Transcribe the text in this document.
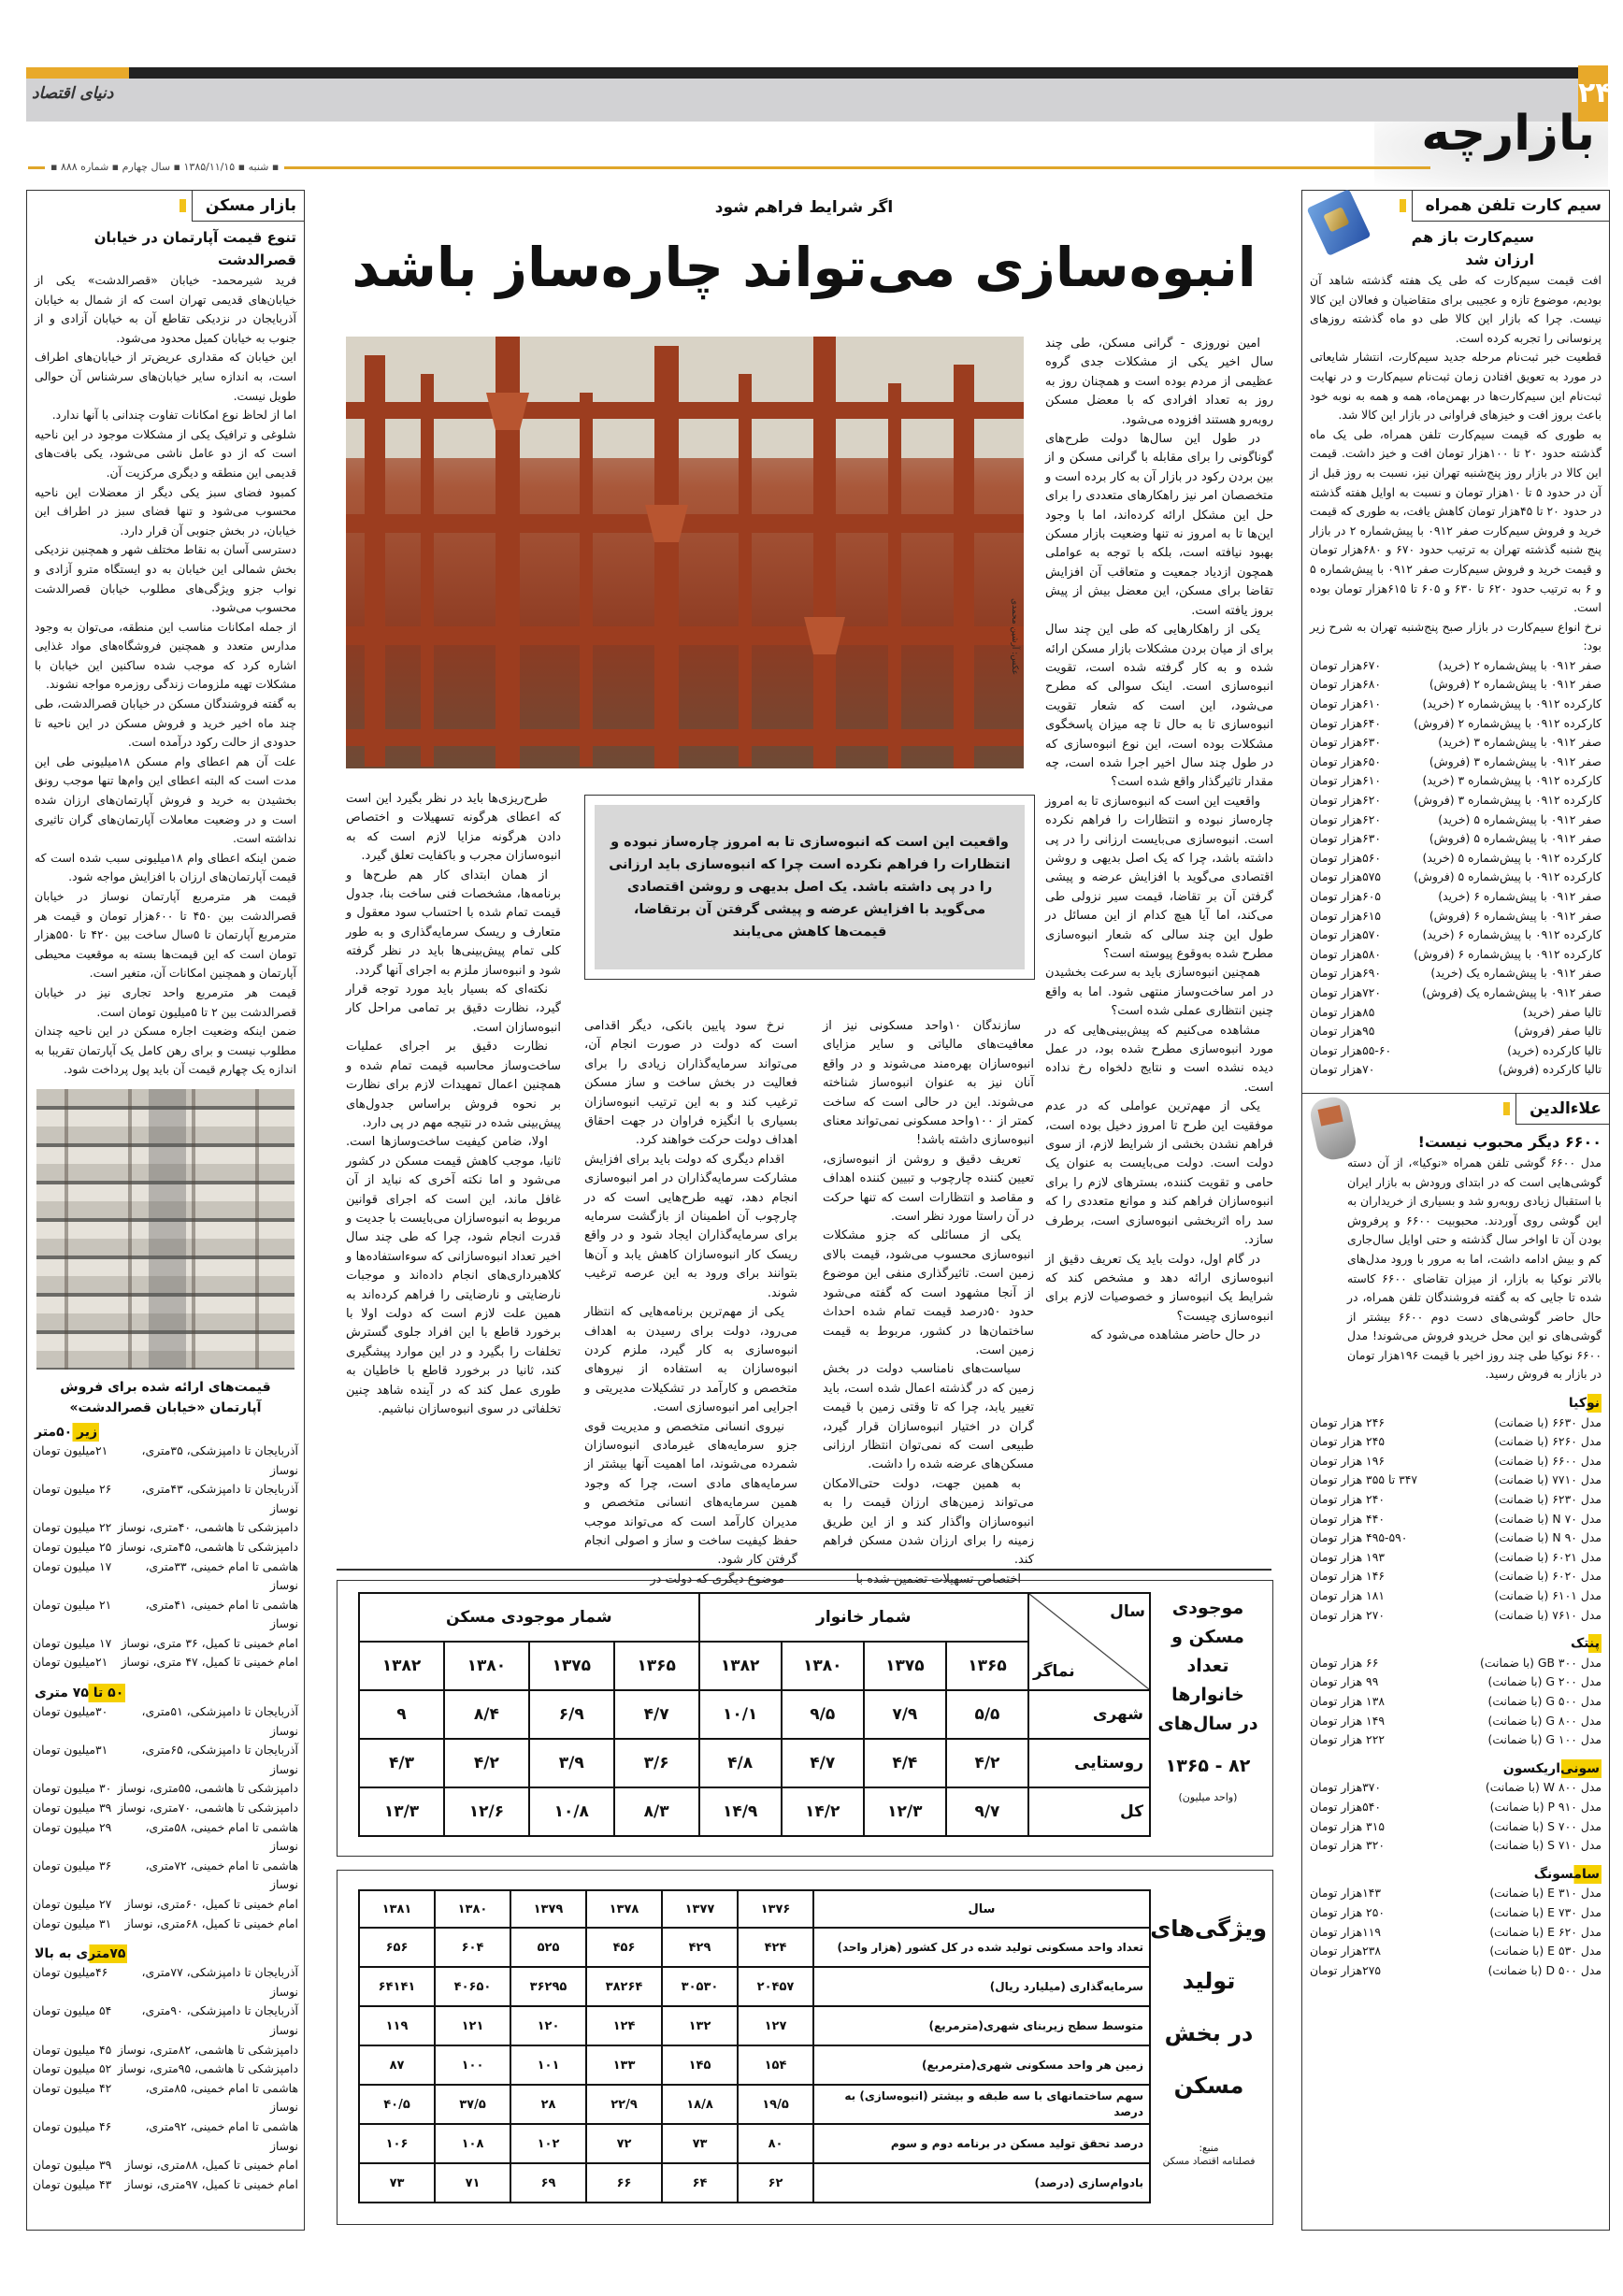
۲۴
دنیای اقتصاد
بازارچه
▪ شنبه ▪ ۱۳۸۵/۱۱/۱۵ ▪ سال چهارم ▪ شماره ۸۸۸ ▪
سیم کارت تلفن همراه
سیم‌کارت باز هم ارزان شد

افت قیمت سیم‌کارت که طی یک هفته گذشته شاهد آن بودیم، موضوع تازه و عجیبی برای متقاضیان و فعالان این کالا نیست. چرا که بازار این کالا طی دو ماه گذشته روزهای پرنوسانی را تجربه کرده است.

قطعیت خبر ثبت‌نام مرحله جدید سیم‌کارت، انتشار شایعاتی در مورد به تعویق افتادن زمان ثبت‌نام سیم‌کارت و در نهایت ثبت‌نام این سیم‌کارت‌ها در بهمن‌ماه، همه و همه به نوبه خود باعث بروز افت و خیزهای فراوانی در بازار این کالا شد.

به طوری که قیمت سیم‌کارت تلفن همراه، طی یک ماه گذشته حدود ۲۰ تا ۱۰۰هزار تومان افت و خیز داشت. قیمت این کالا در بازار روز پنج‌شنبه تهران نیز، نسبت به روز قبل از آن در حدود ۵ تا ۱۰هزار تومان و نسبت به اوایل هفته گذشته در حدود ۲۰ تا ۴۵هزار تومان کاهش یافت، به طوری که قیمت خرید و فروش سیم‌کارت صفر ۰۹۱۲ با پیش‌شماره ۲ در بازار پنج شنبه گذشته تهران به ترتیب حدود ۶۷۰ و ۶۸۰هزار تومان و قیمت خرید و فروش سیم‌کارت صفر ۰۹۱۲ با پیش‌شماره ۵ و ۶ به ترتیب حدود ۶۲۰ تا ۶۳۰ و ۶۰۵ تا ۶۱۵هزار تومان بوده است.

نرخ انواع سیم‌کارت در بازار صبح پنج‌شنبه تهران به شرح زیر بود:

صفر ۰۹۱۲ با پیش‌شماره ۲ (خرید)
۶۷۰هزار تومان
صفر ۰۹۱۲ با پیش‌شماره ۲ (فروش)
۶۸۰هزار تومان
کارکرده ۰۹۱۲ با پیش‌شماره ۲ (خرید)
۶۱۰هزار تومان
کارکرده ۰۹۱۲ با پیش‌شماره ۲ (فروش)
۶۴۰هزار تومان
صفر ۰۹۱۲ با پیش‌شماره ۳ (خرید)
۶۳۰هزار تومان
صفر ۰۹۱۲ با پیش‌شماره ۳ (فروش)
۶۵۰هزار تومان
کارکرده ۰۹۱۲ با پیش‌شماره ۳ (خرید)
۶۱۰هزار تومان
کارکرده ۰۹۱۲ با پیش‌شماره ۳ (فروش)
۶۲۰هزار تومان
صفر ۰۹۱۲ با پیش‌شماره ۵ (خرید)
۶۲۰هزار تومان
صفر ۰۹۱۲ با پیش‌شماره ۵ (فروش)
۶۳۰هزار تومان
کارکرده ۰۹۱۲ با پیش‌شماره ۵ (خرید)
۵۶۰هزار تومان
کارکرده ۰۹۱۲ با پیش‌شماره ۵ (فروش)
۵۷۵هزار تومان
صفر ۰۹۱۲ با پیش‌شماره ۶ (خرید)
۶۰۵هزار تومان
صفر ۰۹۱۲ با پیش‌شماره ۶ (فروش)
۶۱۵هزار تومان
کارکرده ۰۹۱۲ با پیش‌شماره ۶ (خرید)
۵۷۰هزار تومان
کارکرده ۰۹۱۲ با پیش‌شماره ۶ (فروش)
۵۸۰هزار تومان
صفر ۰۹۱۲ با پیش‌شماره یک (خرید)
۶۹۰هزار تومان
صفر ۰۹۱۲ با پیش‌شماره یک (فروش)
۷۲۰هزار تومان
تالیا صفر (خرید)
۸۵هزار تومان
تالیا صفر (فروش)
۹۵هزار تومان
تالیا کارکرده (خرید)
۵۵-۶۰هزار تومان
تالیا کارکرده (فروش)
۷۰هزار تومان
علاءالدین
۶۶۰۰ دیگر محبوب نیست!

مدل ۶۶۰۰ گوشی تلفن همراه «نوکیا»، از آن دسته گوشی‌هایی است که در ابتدای ورودش به بازار ایران با استقبال زیادی روبه‌رو شد و بسیاری از خریداران به این گوشی روی آوردند. محبوبیت ۶۶۰۰ و پرفروش بودن آن تا اواخر سال گذشته و حتی اوایل سال‌جاری کم و بیش ادامه داشت، اما به مرور با ورود مدل‌های بالاتر نوکیا به بازار، از میزان تقاضای ۶۶۰۰ کاسته شده تا جایی که به گفته فروشندگان تلفن همراه، در حال حاضر گوشی‌های دست دوم ۶۶۰۰ بیشتر از گوشی‌های نو این محل خریدو فروش می‌شوند! مدل ۶۶۰۰ نوکیا طی چند روز اخیر با قیمت ۱۹۶هزار تومان در بازار به فروش رسید.

نوکیا
مدل ۶۶۳۰ (با ضمانت)
۲۴۶ هزار تومان
مدل ۶۲۶۰ (با ضمانت)
۲۴۵ هزار تومان
مدل ۶۶۰۰ (با ضمانت)
۱۹۶ هزار تومان
مدل ۷۷۱۰ (با ضمانت)
۳۴۷ تا ۳۵۵ هزار تومان
مدل ۶۲۳۰ (با ضمانت)
۲۴۰ هزار تومان
مدل N ۷۰ (با ضمانت)
۴۴۰ هزار تومان
مدل N ۹۰ (با ضمانت)
۴۹۵-۵۹۰ هزار تومان
مدل ۶۰۲۱ (با ضمانت)
۱۹۳ هزار تومان
مدل ۶۰۲۰ (با ضمانت)
۱۴۶ هزار تومان
مدل ۶۱۰۱ (با ضمانت)
۱۸۱ هزار تومان
مدل ۷۶۱۰ (با ضمانت)
۲۷۰ هزار تومان
پنتک
مدل GB ۳۰۰ (با ضمانت)
۶۶ هزار تومان
مدل G ۲۰۰ (با ضمانت)
۹۹ هزار تومان
مدل G ۵۰۰ (با ضمانت)
۱۳۸ هزار تومان
مدل G ۸۰۰ (با ضمانت)
۱۴۹ هزار تومان
مدل G ۱۰۰ (با ضمانت)
۲۲۲ هزار تومان
سونی‌اریکسون
مدل W ۸۰۰ (با ضمانت)
۳۷۰هزار تومان
مدل P ۹۱۰ (با ضمانت)
۵۴۰هزار تومان
مدل S ۷۰۰ (با ضمانت)
۳۱۵ هزار تومان
مدل S ۷۱۰ (با ضمانت)
۳۲۰ هزار تومان
سامسونگ
مدل E ۳۱۰ (با ضمانت)
۱۴۳هزار تومان
مدل E ۷۳۰ (با ضمانت)
۲۵۰ هزار تومان
مدل E ۶۲۰ (با ضمانت)
۱۱۹هزار تومان
مدل E ۵۳۰ (با ضمانت)
۲۳۸هزار تومان
مدل D ۵۰۰ (با ضمانت)
۲۷۵هزار تومان
بازار مسکن
تنوع قیمت آپارتمان در خیابان قصرالدشت

فرید شیرمحمد- خیابان «قصرالدشت» یکی از خیابان‌های قدیمی تهران است که از شمال به خیابان آذربایجان در نزدیکی تقاطع آن به خیابان آزادی و از جنوب به خیابان کمیل محدود می‌شود.

این خیابان که مقداری عریض‌تر از خیابان‌های اطراف است، به اندازه سایر خیابان‌های سرشناس آن حوالی طویل نیست.

اما از لحاظ نوع امکانات تفاوت چندانی با آنها ندارد.

شلوغی و ترافیک یکی از مشکلات موجود در این ناحیه است که از دو عامل ناشی می‌شود، یکی بافت‌های قدیمی این منطقه و دیگری مرکزیت آن.

کمبود فضای سبز یکی دیگر از معضلات این ناحیه محسوب می‌شود و تنها فضای سبز در اطراف این خیابان، در بخش جنوبی آن قرار دارد.

دسترسی آسان به نقاط مختلف شهر و همچنین نزدیکی بخش شمالی این خیابان به دو ایستگاه مترو آزادی و نواب جزو ویژگی‌های مطلوب خیابان قصرالدشت محسوب می‌شود.

از جمله امکانات مناسب این منطقه، می‌توان به وجود مدارس متعدد و همچنین فروشگاه‌های مواد غذایی اشاره کرد که موجب شده ساکنین این خیابان با مشکلات تهیه ملزومات زندگی روزمره مواجه نشوند.

به گفته فروشندگان مسکن در خیابان قصرالدشت، طی چند ماه اخیر خرید و فروش مسکن در این ناحیه تا حدودی از حالت رکود درآمده است.

علت آن هم اعطای وام مسکن ۱۸میلیونی طی این مدت است که البته اعطای این وام‌ها تنها موجب رونق بخشیدن به خرید و فروش آپارتمان‌های ارزان شده است و در وضعیت معاملات آپارتمان‌های گران تاثیری نداشته است.

ضمن اینکه اعطای وام ۱۸میلیونی سبب شده است که قیمت آپارتمان‌های ارزان با افزایش مواجه شود.

قیمت هر مترمربع آپارتمان نوساز در خیابان قصرالدشت بین ۴۵۰ تا ۶۰۰هزار تومان و قیمت هر مترمربع آپارتمان تا ۵سال ساخت بین ۴۲۰ تا ۵۵۰هزار تومان است که این قیمت‌ها بسته به موقعیت محیطی آپارتمان و همچنین امکانات آن، متغیر است.

قیمت هر مترمربع واحد تجاری نیز در خیابان قصرالدشت بین ۲ تا ۵میلیون تومان است.

ضمن اینکه وضعیت اجاره مسکن در این ناحیه چندان مطلوب نیست و برای رهن کامل یک آپارتمان تقریبا به اندازه یک چهارم قیمت آن باید پول پرداخت شود.

قیمت‌های ارائه شده برای فروش آپارتمان «خیابان قصرالدشت»
زیر ۵۰متر
آذربایجان تا دامپزشکی، ۳۵متری، نوساز
۲۱میلیون تومان
آذربایجان تا دامپزشکی، ۴۳متری، نوساز
۲۶ میلیون تومان
دامپزشکی تا هاشمی، ۴۰متری، نوساز
۲۲ میلیون تومان
دامپزشکی تا هاشمی، ۴۵متری، نوساز
۲۵ میلیون تومان
هاشمی تا امام خمینی، ۳۳متری، نوساز
۱۷ میلیون تومان
هاشمی تا امام خمینی، ۴۱متری، نوساز
۲۱ میلیون تومان
امام خمینی تا کمیل، ۳۶ متری، نوساز
۱۷ میلیون تومان
امام خمینی تا کمیل، ۴۷ متری، نوساز
۲۱میلیون تومان
۵۰ تا ۷۵ متری
آذربایجان تا دامپزشکی، ۵۱متری، نوساز
۳۰میلیون تومان
آذربایجان تا دامپزشکی، ۶۵متری، نوساز
۳۱میلیون تومان
دامپزشکی تا هاشمی، ۵۵متری، نوساز
۳۰ میلیون تومان
دامپزشکی تا هاشمی، ۷۰متری، نوساز
۳۹ میلیون تومان
هاشمی تا امام خمینی، ۵۸متری، نوساز
۲۹ میلیون تومان
هاشمی تا امام خمینی، ۷۲متری، نوساز
۳۶ میلیون تومان
امام خمینی تا کمیل، ۶۰متری، نوساز
۲۷ میلیون تومان
امام خمینی تا کمیل، ۶۸متری، نوساز
۳۱ میلیون تومان
۷۵متری به بالا
آذربایجان تا دامپزشکی، ۷۷متری، نوساز
۴۶میلیون تومان
آذربایجان تا دامپزشکی، ۹۰متری، نوساز
۵۴ میلیون تومان
دامپزشکی تا هاشمی، ۸۲متری، نوساز
۴۵ میلیون تومان
دامپزشکی تا هاشمی، ۹۵متری، نوساز
۵۲ میلیون تومان
هاشمی تا امام خمینی، ۸۵متری، نوساز
۴۲ میلیون تومان
هاشمی تا امام خمینی، ۹۲متری، نوساز
۴۶ میلیون تومان
امام خمینی تا کمیل، ۸۸متری، نوساز
۳۹ میلیون تومان
امام خمینی تا کمیل، ۹۷متری، نوساز
۴۳ میلیون تومان
اگر شرایط فراهم شود
انبوه‌سازی می‌تواند چاره‌ساز باشد
عکس: آرشین محمدی
واقعیت این است که انبوه‌سازی تا به امروز چاره‌ساز نبوده و انتظارات را فراهم نکرده است چرا که انبوه‌سازی باید ارزانی را در پی داشته باشد. یک اصل بدیهی و روشن اقتصادی می‌گوید با افزایش عرضه و پیشی گرفتن آن برتقاضا، قیمت‌ها کاهش می‌یابند

امین نوروزی - گرانی مسکن، طی چند سال اخیر یکی از مشکلات جدی گروه عظیمی از مردم بوده است و همچنان روز به روز به تعداد افرادی که با معضل مسکن روبه‌رو هستند افزوده می‌شود.

در طول این سال‌ها دولت طرح‌های گوناگونی را برای مقابله با گرانی مسکن و از بین بردن رکود در بازار آن به کار برده است و متخصصان امر نیز راهکارهای متعددی را برای حل این مشکل ارائه کرده‌اند، اما با وجود این‌ها تا به امروز نه تنها وضعیت بازار مسکن بهبود نیافته است، بلکه با توجه به عواملی همچون ازدیاد جمعیت و متعاقب آن افزایش تقاضا برای مسکن، این معضل بیش از پیش بروز یافته است.

یکی از راهکارهایی که طی این چند سال برای از میان بردن مشکلات بازار مسکن ارائه شده و به کار گرفته شده است، تقویت انبوه‌سازی است. اینک سوالی که مطرح می‌شود، این است که شعار تقویت انبوه‌سازی تا به حال تا چه میزان پاسخگوی مشکلات بوده است، این نوع انبوه‌سازی که در طول چند سال اخیر اجرا شده است، چه مقدار تاثیرگذار واقع شده است؟

واقعیت این است که انبوه‌سازی تا به امروز چاره‌ساز نبوده و انتظارات را فراهم نکرده است. انبوه‌سازی می‌بایست ارزانی را در پی داشته باشد، چرا که یک اصل بدیهی و روشن اقتصادی می‌گوید با افزایش عرضه و پیشی گرفتن آن بر تقاضا، قیمت سیر نزولی طی می‌کند، اما آیا هیچ کدام از این مسائل در طول این چند سالی که شعار انبوه‌سازی مطرح شده به‌وقوع پیوسته است؟

همچنین انبوه‌سازی باید به سرعت بخشیدن در امر ساخت‌وساز منتهی شود. اما به واقع چنین انتظاری عملی شده است؟

مشاهده می‌کنیم که پیش‌بینی‌هایی که در مورد انبوه‌سازی مطرح شده بود، در عمل دیده نشده است و نتایج دلخواه رخ نداده است.

یکی از مهم‌ترین عواملی که در عدم موفقیت این طرح تا امروز دخیل بوده است، فراهم نشدن بخشی از شرایط لازم، از سوی دولت است. دولت می‌بایست به عنوان یک حامی و تقویت کننده، بسترهای لازم را برای انبوه‌سازان فراهم کند و موانع متعددی را که سد راه اثربخشی انبوه‌سازی است، برطرف سازد.

در گام اول، دولت باید یک تعریف دقیق از انبوه‌سازی ارائه دهد و مشخص کند که شرایط یک انبوه‌ساز و خصوصیات لازم برای انبوه‌سازی چیست؟

در حال حاضر مشاهده می‌شود که

سازندگان ۱۰واحد مسکونی نیز از معافیت‌های مالیاتی و سایر مزایای انبوه‌سازان بهره‌مند می‌شوند و در واقع آنان نیز به عنوان انبوه‌ساز شناخته می‌شوند. این در حالی است که ساخت کمتر از ۱۰۰واحد مسکونی نمی‌تواند معنای انبوه‌سازی داشته باشد!

تعریف دقیق و روشن از انبوه‌سازی، تعیین کننده چارچوب و تبیین کننده اهداف و مقاصد و انتظارات است که تنها حرکت در آن راستا مورد نظر است.

یکی از مسائلی که جزو مشکلات انبوه‌سازی محسوب می‌شود، قیمت بالای زمین است. تاثیرگذاری منفی این موضوع از آنجا مشهود است که گفته می‌شود حدود ۵۰درصد قیمت تمام شده احداث ساختمان‌ها در کشور، مربوط به قیمت زمین است.

سیاست‌های نامناسب دولت در بخش زمین که در گذشته اعمال شده است، باید تغییر یابد، چرا که تا وقتی زمین با قیمت گران در اختیار انبوه‌سازان قرار گیرد، طبیعی است که نمی‌توان انتظار ارزانی مسکن‌های عرضه شده را داشت.

به همین جهت، دولت حتی‌الامکان می‌تواند زمین‌های ارزان قیمت را به انبوه‌سازان واگذار کند و از این طریق زمینه را برای ارزان شدن مسکن فراهم کند.

اختصاص تسهیلات تضمین شده با

نرخ سود پایین بانکی، دیگر اقدامی است که دولت در صورت انجام آن، می‌تواند سرمایه‌گذاران زیادی را برای فعالیت در بخش ساخت و ساز مسکن ترغیب کند و به این ترتیب انبوه‌سازان بسیاری با انگیزه فراوان در جهت احقاق اهداف دولت حرکت خواهند کرد.

اقدام دیگری که دولت باید برای افزایش مشارکت سرمایه‌گذاران در امر انبوه‌سازی انجام دهد، تهیه طرح‌هایی است که در چارچوب آن اطمینان از بازگشت سرمایه برای سرمایه‌گذاران ایجاد شود و در واقع ریسک کار انبوه‌سازان کاهش یابد و آن‌ها بتوانند برای ورود به این عرصه ترغیب شوند.

یکی از مهم‌ترین برنامه‌هایی که انتظار می‌رود، دولت برای رسیدن به اهداف انبوه‌سازی به کار گیرد، ملزم کردن انبوه‌سازان به استفاده از نیروهای متخصص و کارآمد در تشکیلات مدیریتی و اجرایی امر انبوه‌سازی است.

نیروی انسانی متخصص و مدیریت قوی جزو سرمایه‌های غیرمادی انبوه‌سازان شمرده می‌شوند، اما اهمیت آنها بیشتر از سرمایه‌های مادی است، چرا که وجود همین سرمایه‌های انسانی متخصص و مدیران کارآمد است که می‌تواند موجب حفظ کیفیت ساخت و ساز و اصولی انجام گرفتن کار شود.

موضوع دیگری که دولت در

طرح‌ریزی‌ها باید در نظر بگیرد این است که اعطای هرگونه تسهیلات و اختصاص دادن هرگونه مزایا لازم است که به انبوه‌سازان مجرب و باکفایت تعلق گیرد.

از همان ابتدای کار هم طرح‌ها و برنامه‌ها، مشخصات فنی ساخت بنا، جدول قیمت تمام شده با احتساب سود معقول و متعارف و ریسک سرمایه‌گذاری و به طور کلی تمام پیش‌بینی‌ها باید در نظر گرفته شود و انبوه‌ساز ملزم به اجرای آنها گردد.

نکته‌ای که بسیار باید مورد توجه قرار گیرد، نظارت دقیق بر تمامی مراحل کار انبوه‌سازان است.

نظارت دقیق بر اجرای عملیات ساخت‌وساز محاسبه قیمت تمام شده و همچنین اعمال تمهیدات لازم برای نظارت بر نحوه فروش براساس جدول‌های پیش‌بینی شده در نتیجه مهم در پی دارد.

اولا، ضامن کیفیت ساخت‌وسازها است. ثانیا، موجب کاهش قیمت مسکن در کشور می‌شود و اما نکته آخری که نباید از آن غافل ماند، این است که اجرای قوانین مربوط به انبوه‌سازان می‌بایست با جدیت و قدرت انجام شود، چرا که طی چند سال اخیر تعداد انبوه‌سازانی که سوءاستفاده‌ها و کلاهبرداری‌های انجام داده‌اند و موجبات نارضایتی و نارضایتی را فراهم کرده‌اند به همین علت لازم است که دولت اولا با برخورد قاطع با این افراد جلوی گسترش تخلفات را بگیرد و در این موارد پیشگیری کند، ثانیا در برخورد قاطع با خاطیان به طوری عمل کند که در آینده شاهد چنین تخلفاتی در سوی انبوه‌سازان نباشیم.

سال
نماگر	شمار خانوار				شمار موجودی مسکن			
	۱۳۶۵	۱۳۷۵	۱۳۸۰	۱۳۸۲	۱۳۶۵	۱۳۷۵	۱۳۸۰	۱۳۸۲
شهری	۵/۵	۷/۹	۹/۵	۱۰/۱	۴/۷	۶/۹	۸/۴	۹
روستایی	۴/۲	۴/۴	۴/۷	۴/۸	۳/۶	۳/۹	۴/۲	۴/۳
کل	۹/۷	۱۲/۳	۱۴/۲	۱۴/۹	۸/۳	۱۰/۸	۱۲/۶	۱۳/۳
موجودی
مسکن و تعداد
خانوارها
در سال‌های
۸۲ - ۱۳۶۵
(واحد میلیون)
سال	۱۳۷۶	۱۳۷۷	۱۳۷۸	۱۳۷۹	۱۳۸۰	۱۳۸۱
تعداد واحد مسکونی تولید شده در کل کشور (هزار واحد)	۴۲۴	۴۲۹	۴۵۶	۵۲۵	۶۰۴	۶۵۶
سرمایه‌گذاری (میلیارد ریال)	۲۰۴۵۷	۳۰۵۳۰	۳۸۲۶۴	۳۶۲۹۵	۴۰۶۵۰	۶۴۱۴۱
متوسط سطح زیربنای شهری(مترمربع)	۱۲۷	۱۳۲	۱۲۴	۱۲۰	۱۲۱	۱۱۹
زمین هر واحد مسکونی شهری(مترمربع)	۱۵۴	۱۴۵	۱۳۳	۱۰۱	۱۰۰	۸۷
سهم ساختمانهای با سه طبقه و بیشتر (انبوه‌سازی) به درصد	۱۹/۵	۱۸/۸	۲۲/۹	۲۸	۳۷/۵	۴۰/۵
درصد تحقق تولید مسکن در برنامه دوم و سوم	۸۰	۷۳	۷۲	۱۰۲	۱۰۸	۱۰۶
بادوام‌سازی (درصد)	۶۲	۶۴	۶۶	۶۹	۷۱	۷۳
ویژگی‌های
تولید
در بخش
مسکن
منبع:
فصلنامه اقتصاد مسکن
